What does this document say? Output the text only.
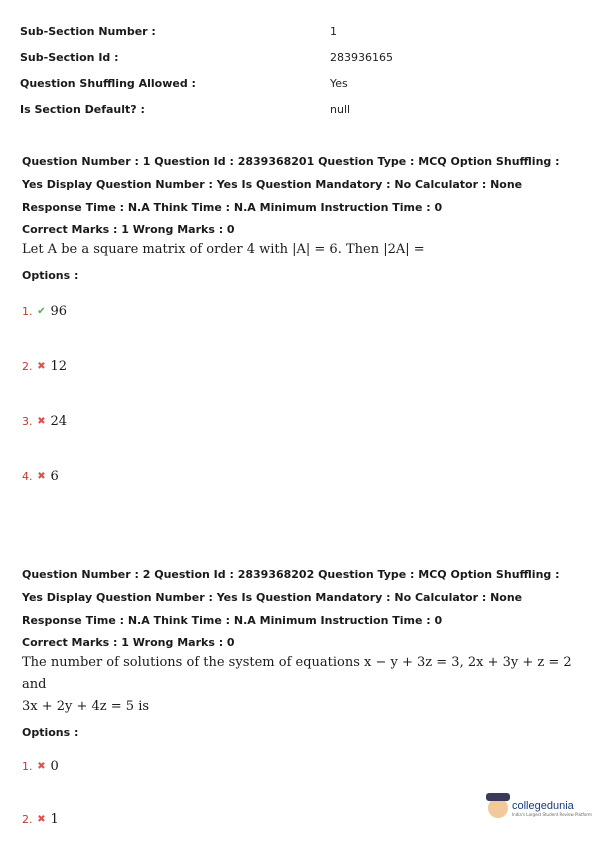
Sub-Section Number :	1
Sub-Section Id :	283936165
Question Shuffling Allowed :	Yes
Is Section Default? :	null
Question Number : 1 Question Id : 2839368201 Question Type : MCQ Option Shuffling : Yes Display Question Number : Yes Is Question Mandatory : No Calculator : None Response Time : N.A Think Time : N.A Minimum Instruction Time : 0
Correct Marks : 1 Wrong Marks : 0
Let A be a square matrix of order 4 with |A| = 6. Then |2A| =
Options :
1. ✔ 96
2. ✖ 12
3. ✖ 24
4. ✖ 6
Question Number : 2 Question Id : 2839368202 Question Type : MCQ Option Shuffling : Yes Display Question Number : Yes Is Question Mandatory : No Calculator : None Response Time : N.A Think Time : N.A Minimum Instruction Time : 0
Correct Marks : 1 Wrong Marks : 0
The number of solutions of the system of equations x − y + 3z = 3, 2x + 3y + z = 2 and
3x + 2y + 4z = 5 is
Options :
1. ✖ 0
2. ✖ 1
collegedunia
India's Largest Student Review Platform
